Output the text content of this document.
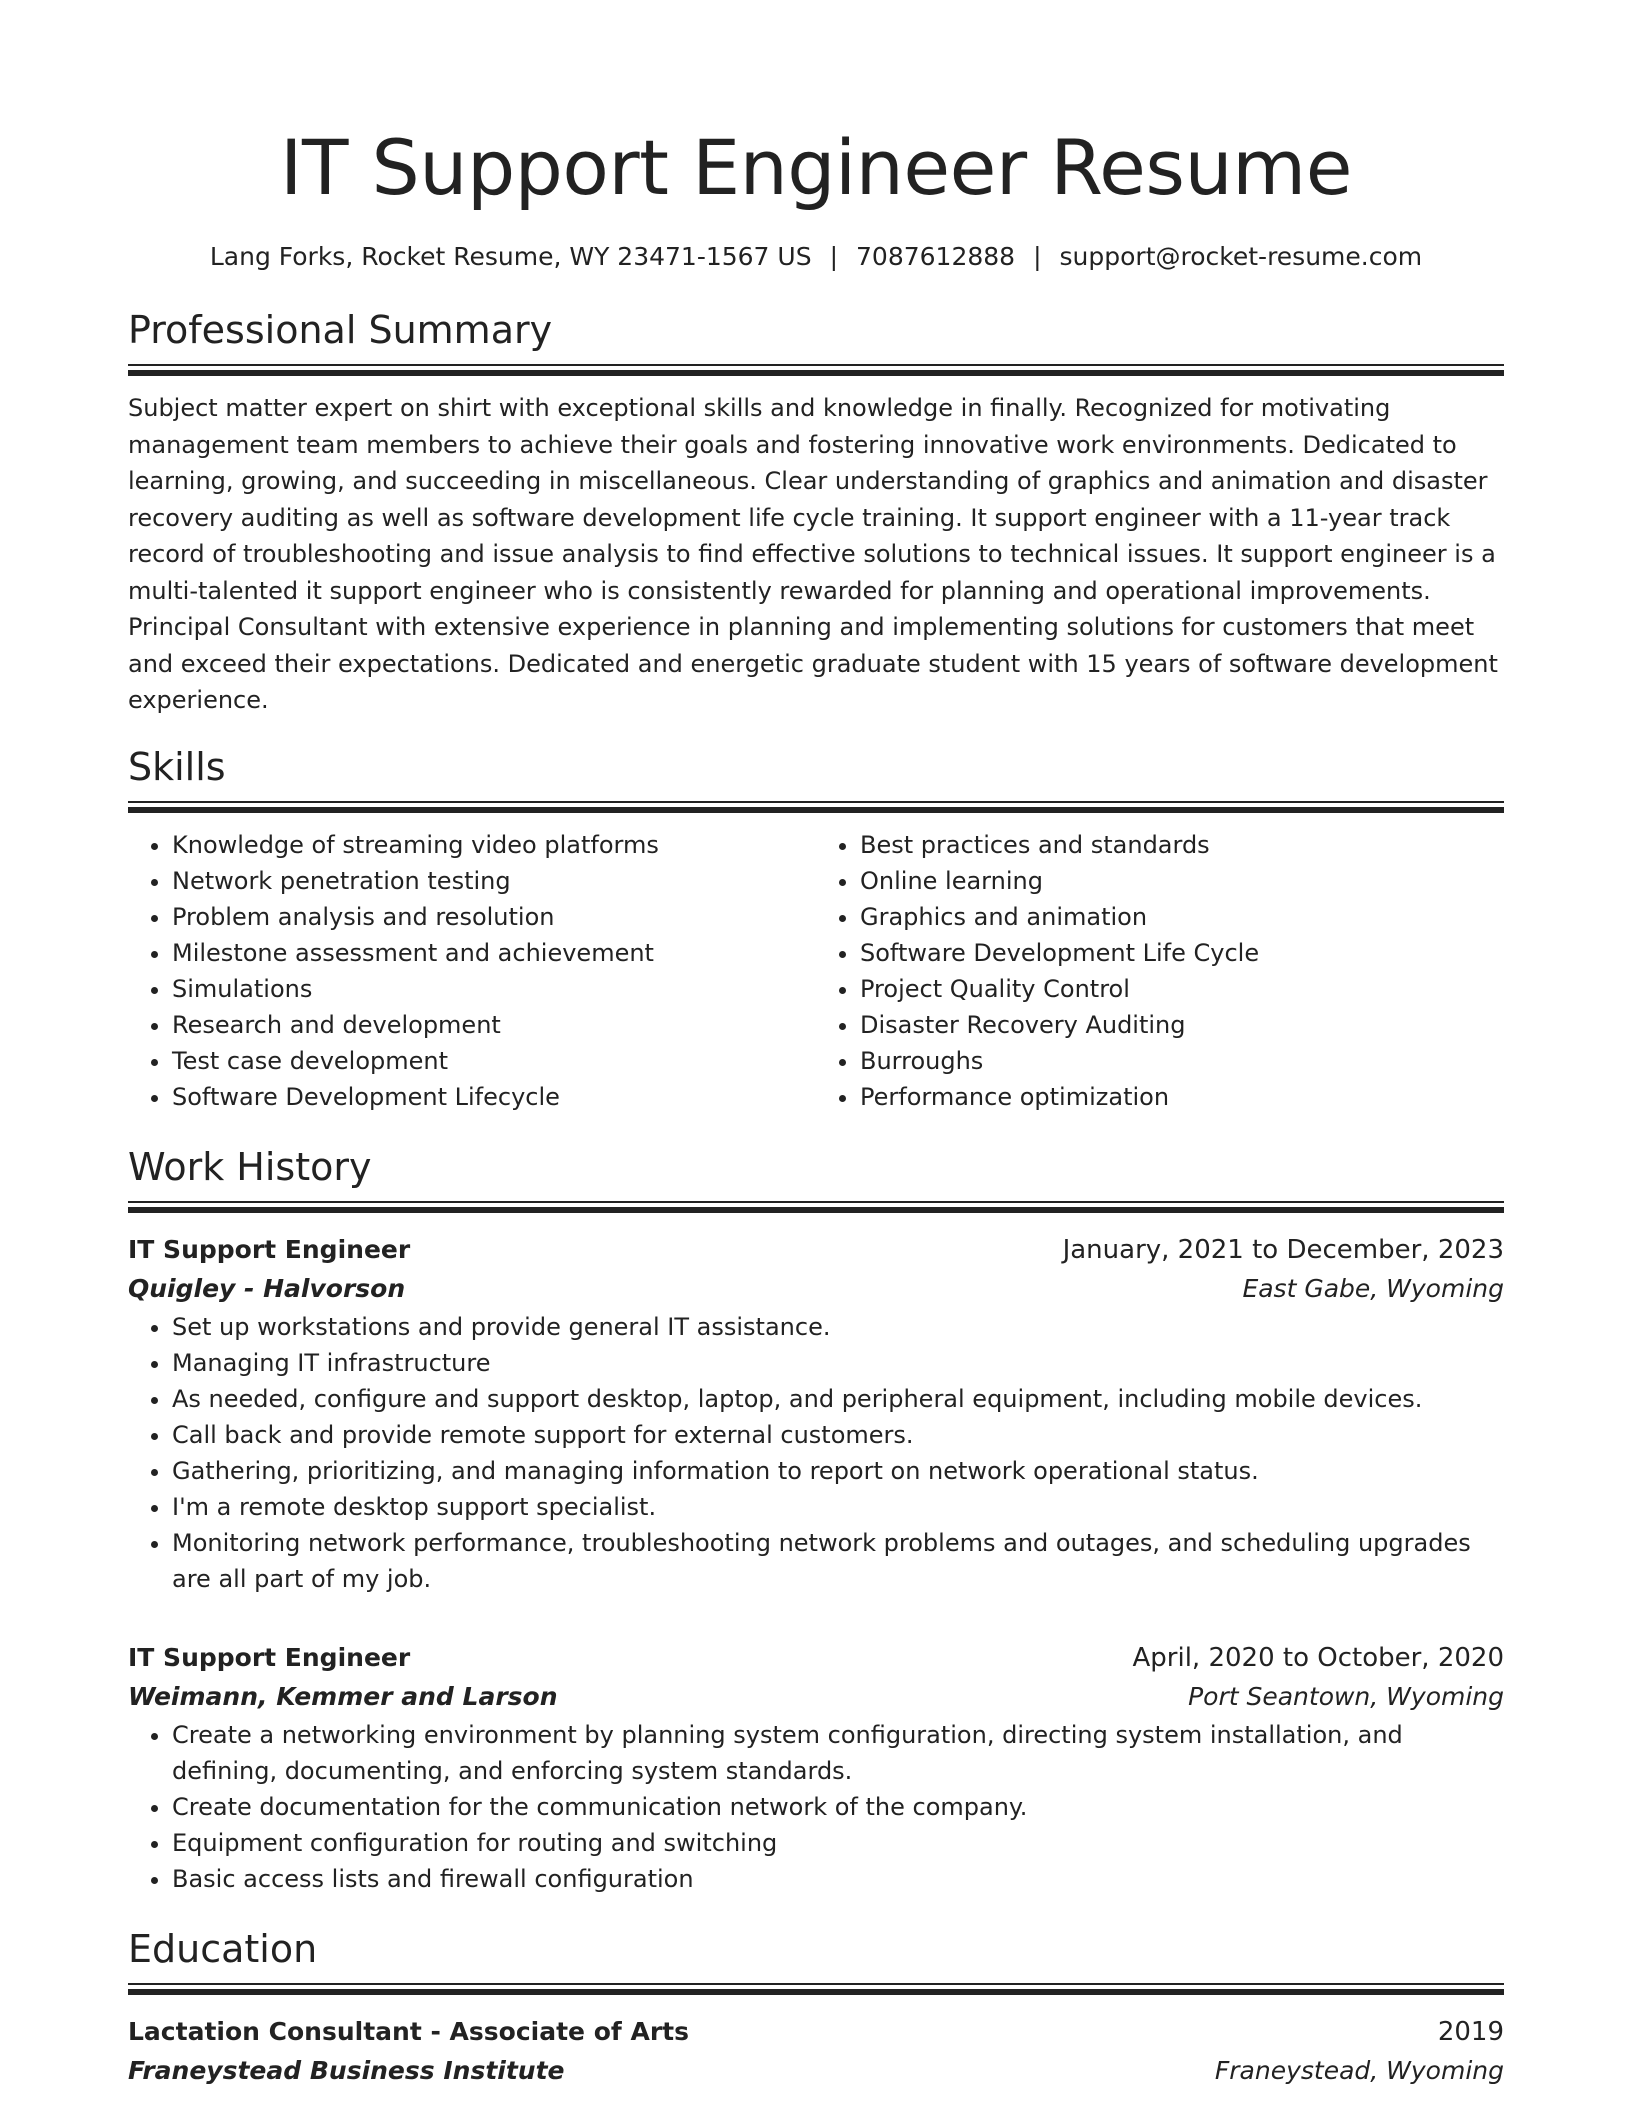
IT Support Engineer Resume
Lang Forks, Rocket Resume, WY 23471-1567 US | 7087612888 | support@rocket-resume.com
Professional Summary

Subject matter expert on shirt with exceptional skills and knowledge in finally. Recognized for motivating management team members to achieve their goals and fostering innovative work environments. Dedicated to learning, growing, and succeeding in miscellaneous. Clear understanding of graphics and animation and disaster recovery auditing as well as software development life cycle training. It support engineer with a 11-year track record of troubleshooting and issue analysis to find effective solutions to technical issues. It support engineer is a multi-talented it support engineer who is consistently rewarded for planning and operational improvements. Principal Consultant with extensive experience in planning and implementing solutions for customers that meet and exceed their expectations. Dedicated and energetic graduate student with 15 years of software development experience.

Skills
• Knowledge of streaming video platforms
• Network penetration testing
• Problem analysis and resolution
• Milestone assessment and achievement
• Simulations
• Research and development
• Test case development
• Software Development Lifecycle
• Best practices and standards
• Online learning
• Graphics and animation
• Software Development Life Cycle
• Project Quality Control
• Disaster Recovery Auditing
• Burroughs
• Performance optimization
Work History
IT Support Engineer	January, 2021 to December, 2023
Quigley - Halvorson	East Gabe, Wyoming
• Set up workstations and provide general IT assistance.
• Managing IT infrastructure
• As needed, configure and support desktop, laptop, and peripheral equipment, including mobile devices.
• Call back and provide remote support for external customers.
• Gathering, prioritizing, and managing information to report on network operational status.
• I'm a remote desktop support specialist.
• Monitoring network performance, troubleshooting network problems and outages, and scheduling upgrades are all part of my job.
IT Support Engineer	April, 2020 to October, 2020
Weimann, Kemmer and Larson	Port Seantown, Wyoming
• Create a networking environment by planning system configuration, directing system installation, and defining, documenting, and enforcing system standards.
• Create documentation for the communication network of the company.
• Equipment configuration for routing and switching
• Basic access lists and firewall configuration
Education
Lactation Consultant - Associate of Arts	2019
Franeystead Business Institute	Franeystead, Wyoming
